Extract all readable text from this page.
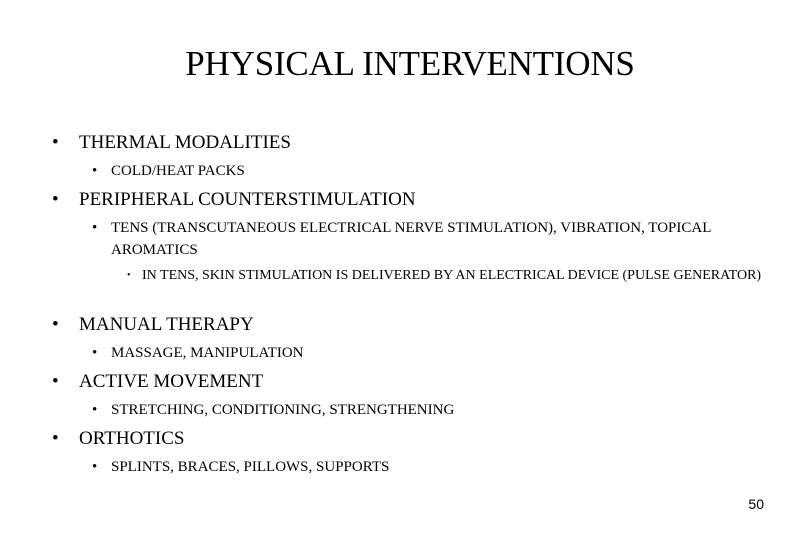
PHYSICAL INTERVENTIONS
•	THERMAL MODALITIES
• COLD/HEAT PACKS
•	PERIPHERAL COUNTERSTIMULATION
• TENS (TRANSCUTANEOUS ELECTRICAL NERVE STIMULATION), VIBRATION, TOPICAL AROMATICS
• IN TENS, SKIN STIMULATION IS DELIVERED BY AN ELECTRICAL DEVICE (PULSE GENERATOR)
•	MANUAL THERAPY
• MASSAGE, MANIPULATION
•	ACTIVE MOVEMENT
• STRETCHING, CONDITIONING, STRENGTHENING
•	ORTHOTICS
• SPLINTS, BRACES, PILLOWS, SUPPORTS
50
